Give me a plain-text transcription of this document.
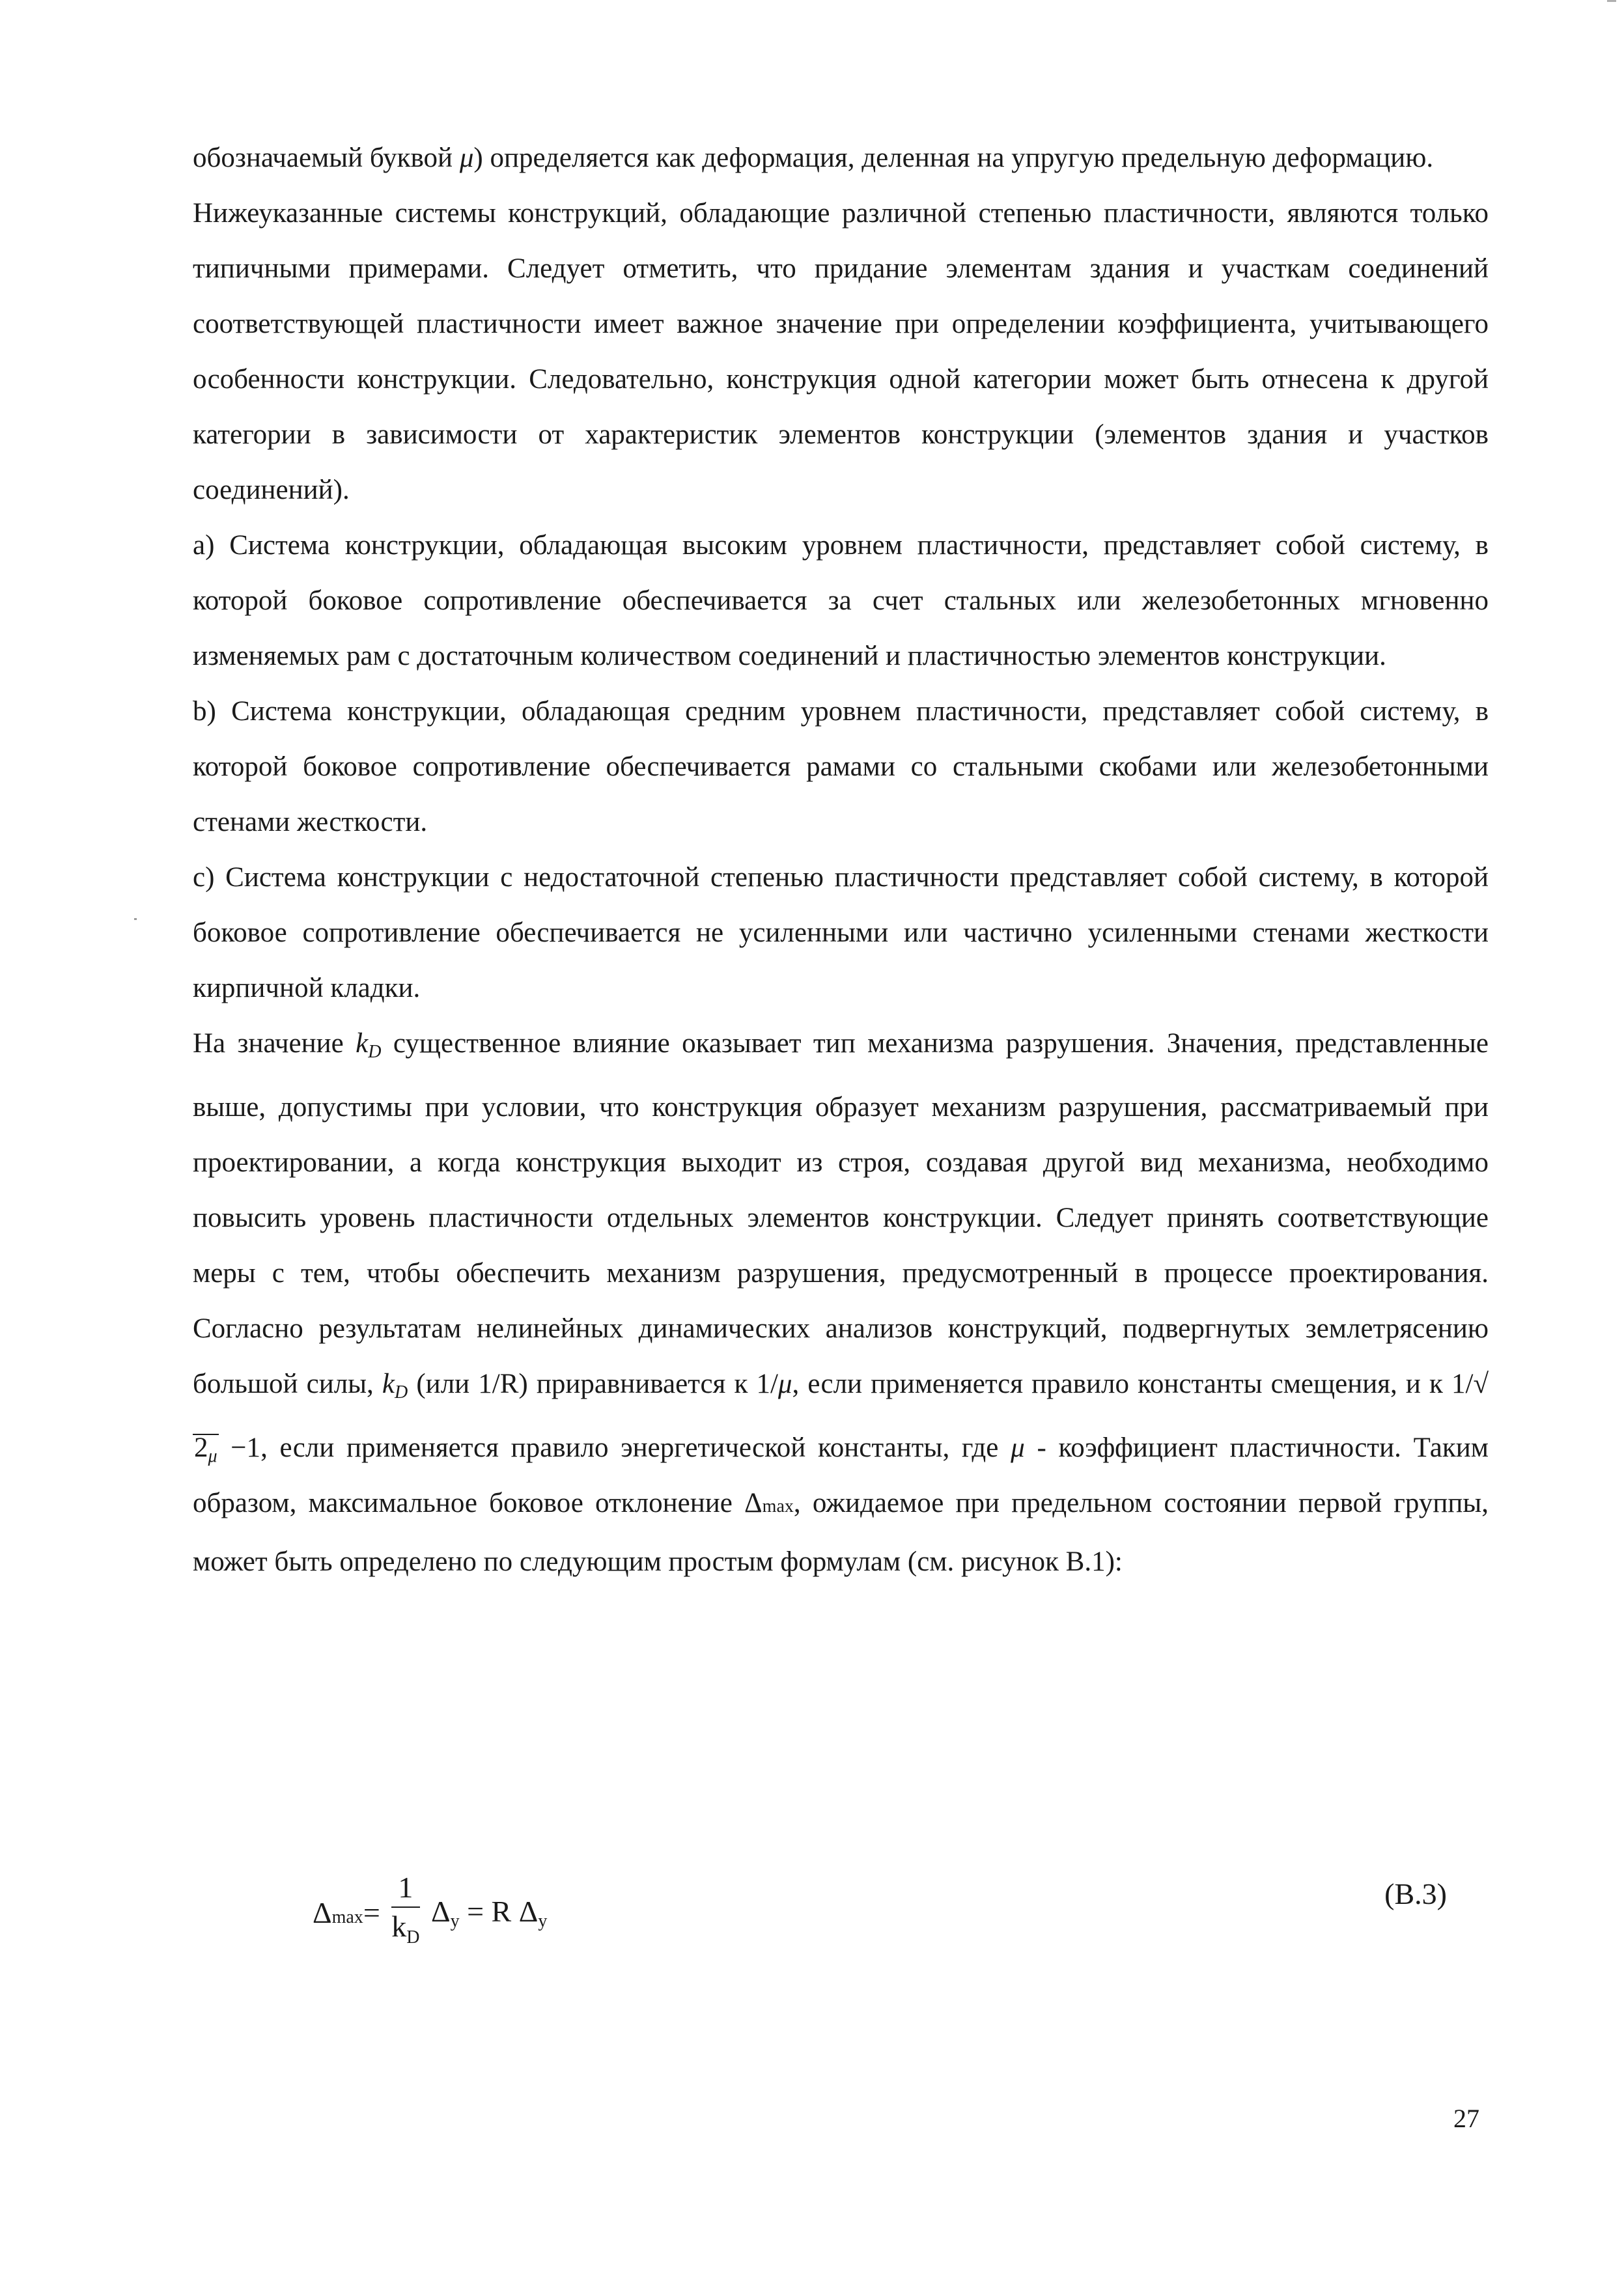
обозначаемый буквой μ) определяется как деформация, деленная на упругую предельную деформацию.

Нижеуказанные системы конструкций, обладающие различной степенью пластичности, являются только типичными примерами. Следует отметить, что придание элементам здания и участкам соединений соответствующей пластичности имеет важное значение при определении коэффициента, учитывающего особенности конструкции. Следовательно, конструкция одной категории может быть отнесена к другой категории в зависимости от характеристик элементов конструкции (элементов здания и участков соединений).

а) Система конструкции, обладающая высоким уровнем пластичности, представляет собой систему, в которой боковое сопротивление обеспечивается за счет стальных или железобетонных мгновенно изменяемых рам с достаточным количеством соединений и пластичностью элементов конструкции.

b) Система конструкции, обладающая средним уровнем пластичности, представляет собой систему, в которой боковое сопротивление обеспечивается рамами со стальными скобами или железобетонными стенами жесткости.

с) Система конструкции с недостаточной степенью пластичности представляет собой систему, в которой боковое сопротивление обеспечивается не усиленными или частично усиленными стенами жесткости кирпичной кладки.

На значение $k_D$ существенное влияние оказывает тип механизма разрушения. Значения, представленные выше, допустимы при условии, что конструкция образует механизм разрушения, рассматриваемый при проектировании, а когда конструкция выходит из строя, создавая другой вид механизма, необходимо повысить уровень пластичности отдельных элементов конструкции. Следует принять соответствующие меры с тем, чтобы обеспечить механизм разрушения, предусмотренный в процессе проектирования. Согласно результатам нелинейных динамических анализов конструкций, подвергнутых землетрясению большой силы, $k_D$ (или 1/R) приравнивается к 1/μ, если применяется правило константы смещения, и к $1/√2_\mu -1$, если применяется правило энергетической константы, где μ - коэффициент пластичности. Таким образом, максимальное боковое отклонение Δmax, ожидаемое при предельном состоянии первой группы, может быть определено по следующим простым формулам (см. рисунок В.1):

$\Delta\max= \frac{1}{k_D}$ Δy = R Δy
(В.3)
27
